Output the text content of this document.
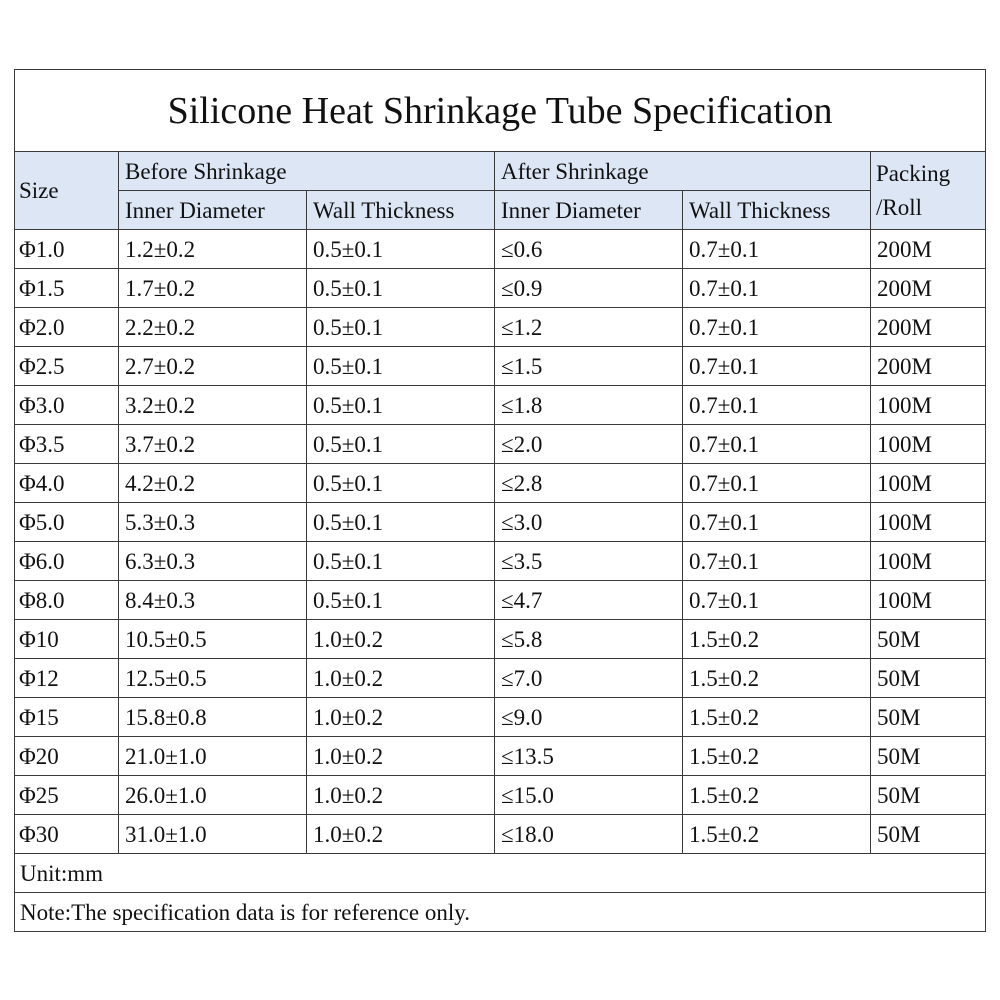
Silicone Heat Shrinkage Tube Specification					
Size	Before Shrinkage		After Shrinkage		Packing
/Roll
	Inner Diameter	Wall Thickness	Inner Diameter	Wall Thickness	
Φ1.0	1.2±0.2	0.5±0.1	≤0.6	0.7±0.1	200M
Φ1.5	1.7±0.2	0.5±0.1	≤0.9	0.7±0.1	200M
Φ2.0	2.2±0.2	0.5±0.1	≤1.2	0.7±0.1	200M
Φ2.5	2.7±0.2	0.5±0.1	≤1.5	0.7±0.1	200M
Φ3.0	3.2±0.2	0.5±0.1	≤1.8	0.7±0.1	100M
Φ3.5	3.7±0.2	0.5±0.1	≤2.0	0.7±0.1	100M
Φ4.0	4.2±0.2	0.5±0.1	≤2.8	0.7±0.1	100M
Φ5.0	5.3±0.3	0.5±0.1	≤3.0	0.7±0.1	100M
Φ6.0	6.3±0.3	0.5±0.1	≤3.5	0.7±0.1	100M
Φ8.0	8.4±0.3	0.5±0.1	≤4.7	0.7±0.1	100M
Φ10	10.5±0.5	1.0±0.2	≤5.8	1.5±0.2	50M
Φ12	12.5±0.5	1.0±0.2	≤7.0	1.5±0.2	50M
Φ15	15.8±0.8	1.0±0.2	≤9.0	1.5±0.2	50M
Φ20	21.0±1.0	1.0±0.2	≤13.5	1.5±0.2	50M
Φ25	26.0±1.0	1.0±0.2	≤15.0	1.5±0.2	50M
Φ30	31.0±1.0	1.0±0.2	≤18.0	1.5±0.2	50M
Unit:mm					
Note:The specification data is for reference only.					
